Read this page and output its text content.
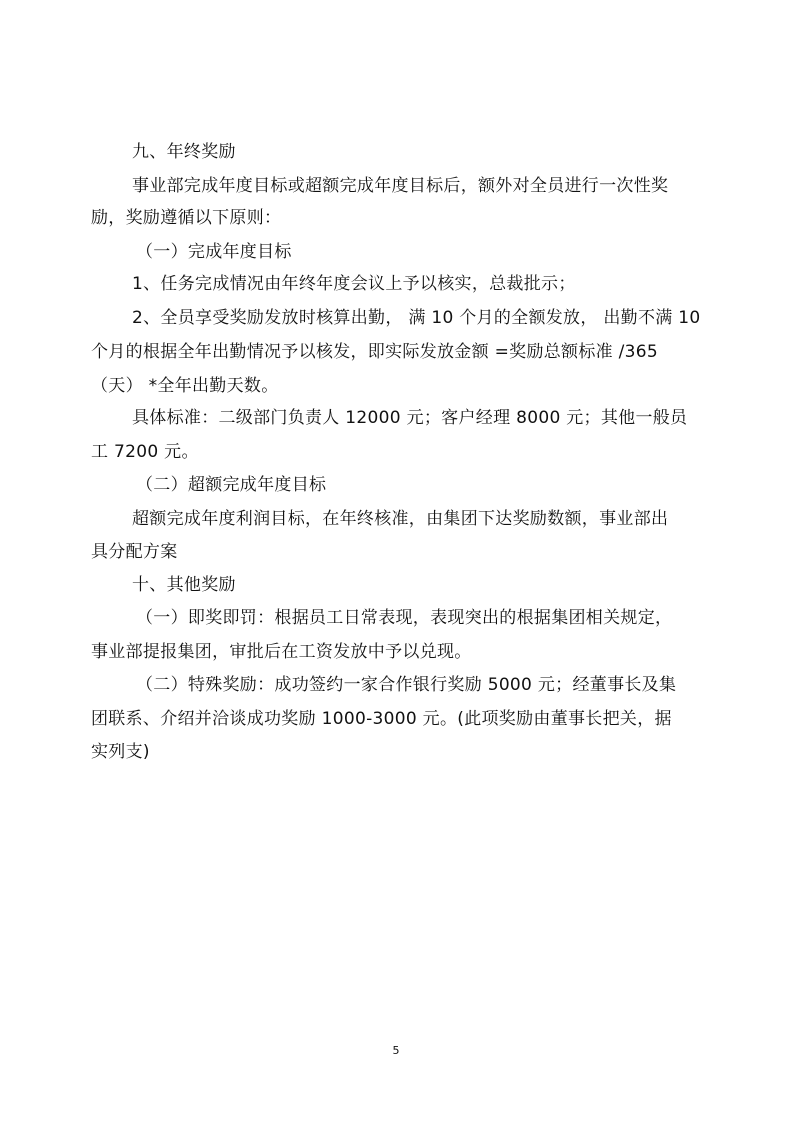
九、年终奖励
事业部完成年度目标或超额完成年度目标后，额外对全员进行一次性奖
励，奖励遵循以下原则：
（一）完成年度目标
1、任务完成情况由年终年度会议上予以核实，总裁批示；
2、全员享受奖励发放时核算出勤， 满 10 个月的全额发放， 出勤不满 10
个月的根据全年出勤情况予以核发，即实际发放金额 =奖励总额标准 /365
（天） *全年出勤天数。
具体标准：二级部门负责人 12000 元；客户经理 8000 元；其他一般员
工 7200 元。
（二）超额完成年度目标
超额完成年度利润目标，在年终核准，由集团下达奖励数额，事业部出
具分配方案
十、其他奖励
（一）即奖即罚：根据员工日常表现，表现突出的根据集团相关规定，
事业部提报集团，审批后在工资发放中予以兑现。
（二）特殊奖励：成功签约一家合作银行奖励 5000 元；经董事长及集
团联系、介绍并洽谈成功奖励 1000-3000 元。(此项奖励由董事长把关，据
实列支)
5
